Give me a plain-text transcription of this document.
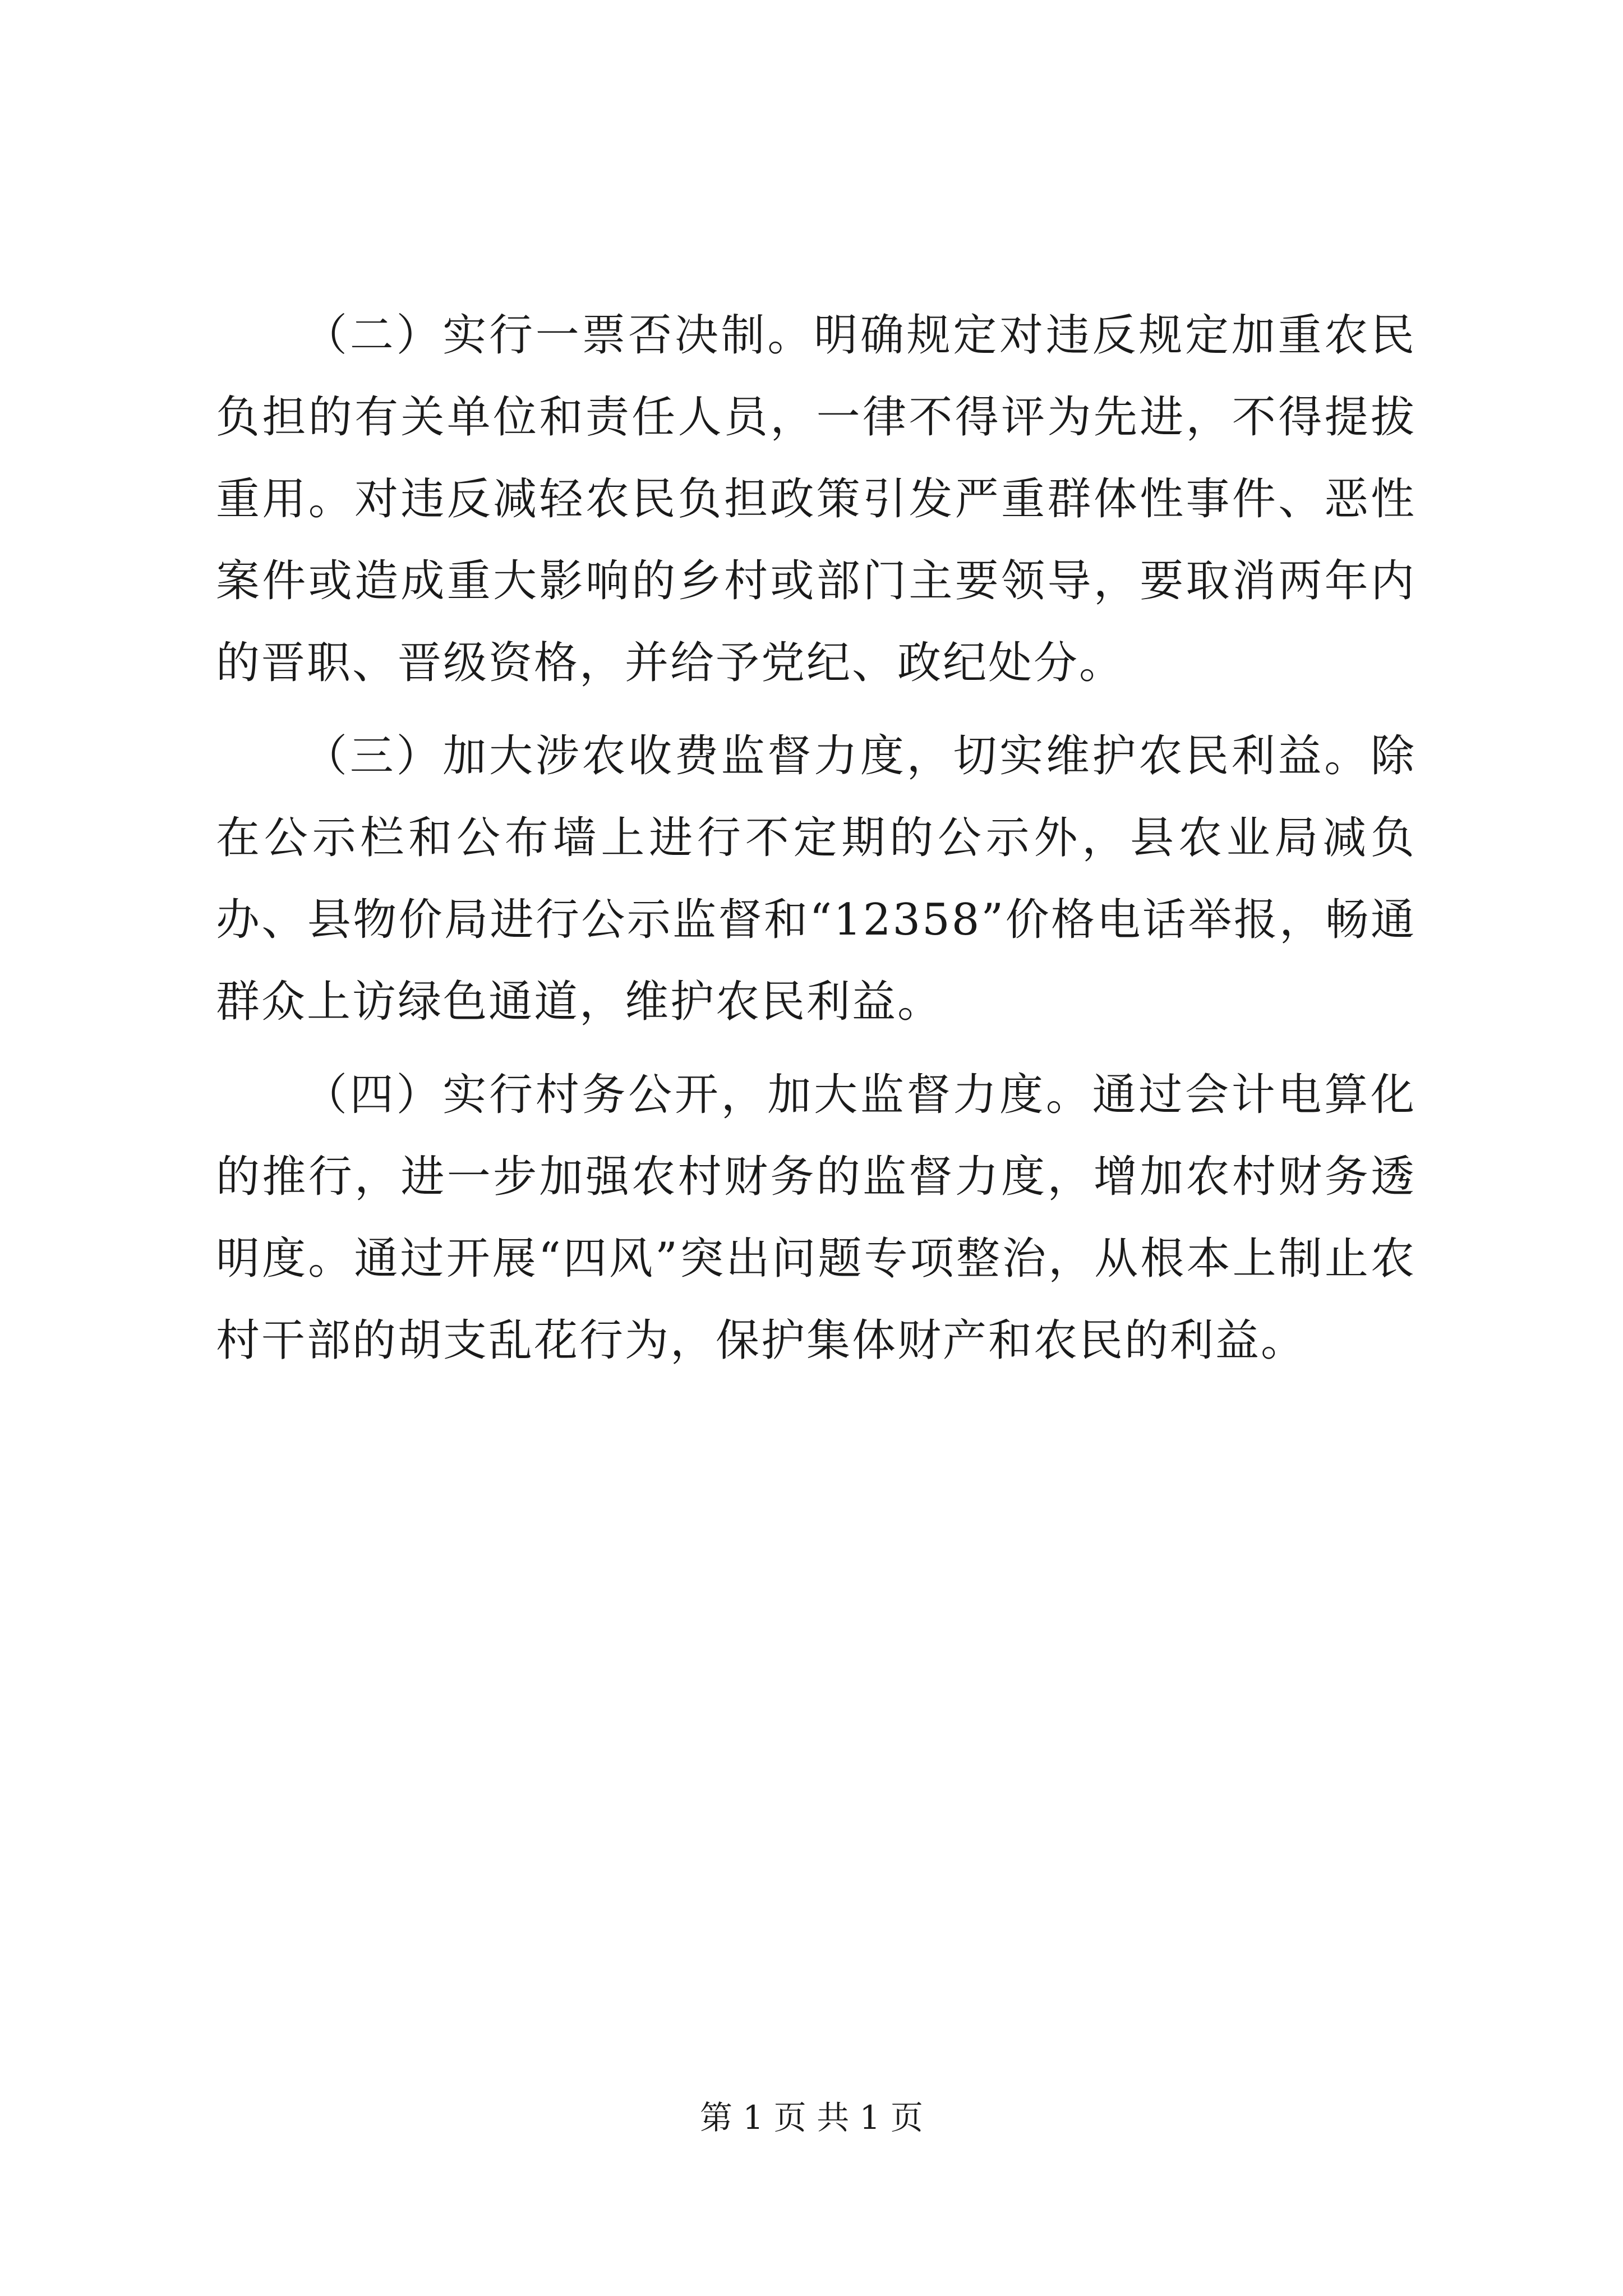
（二）实行一票否决制。明确规定对违反规定加重农民负担的有关单位和责任人员，一律不得评为先进，不得提拔重用。对违反减轻农民负担政策引发严重群体性事件、恶性案件或造成重大影响的乡村或部门主要领导，要取消两年内的晋职、晋级资格，并给予党纪、政纪处分。

（三）加大涉农收费监督力度，切实维护农民利益。除在公示栏和公布墙上进行不定期的公示外，县农业局减负办、县物价局进行公示监督和“12358”价格电话举报，畅通群众上访绿色通道，维护农民利益。

（四）实行村务公开，加大监督力度。通过会计电算化的推行，进一步加强农村财务的监督力度，增加农村财务透明度。通过开展“四风”突出问题专项整治，从根本上制止农村干部的胡支乱花行为，保护集体财产和农民的利益。

第 1 页 共 1 页
